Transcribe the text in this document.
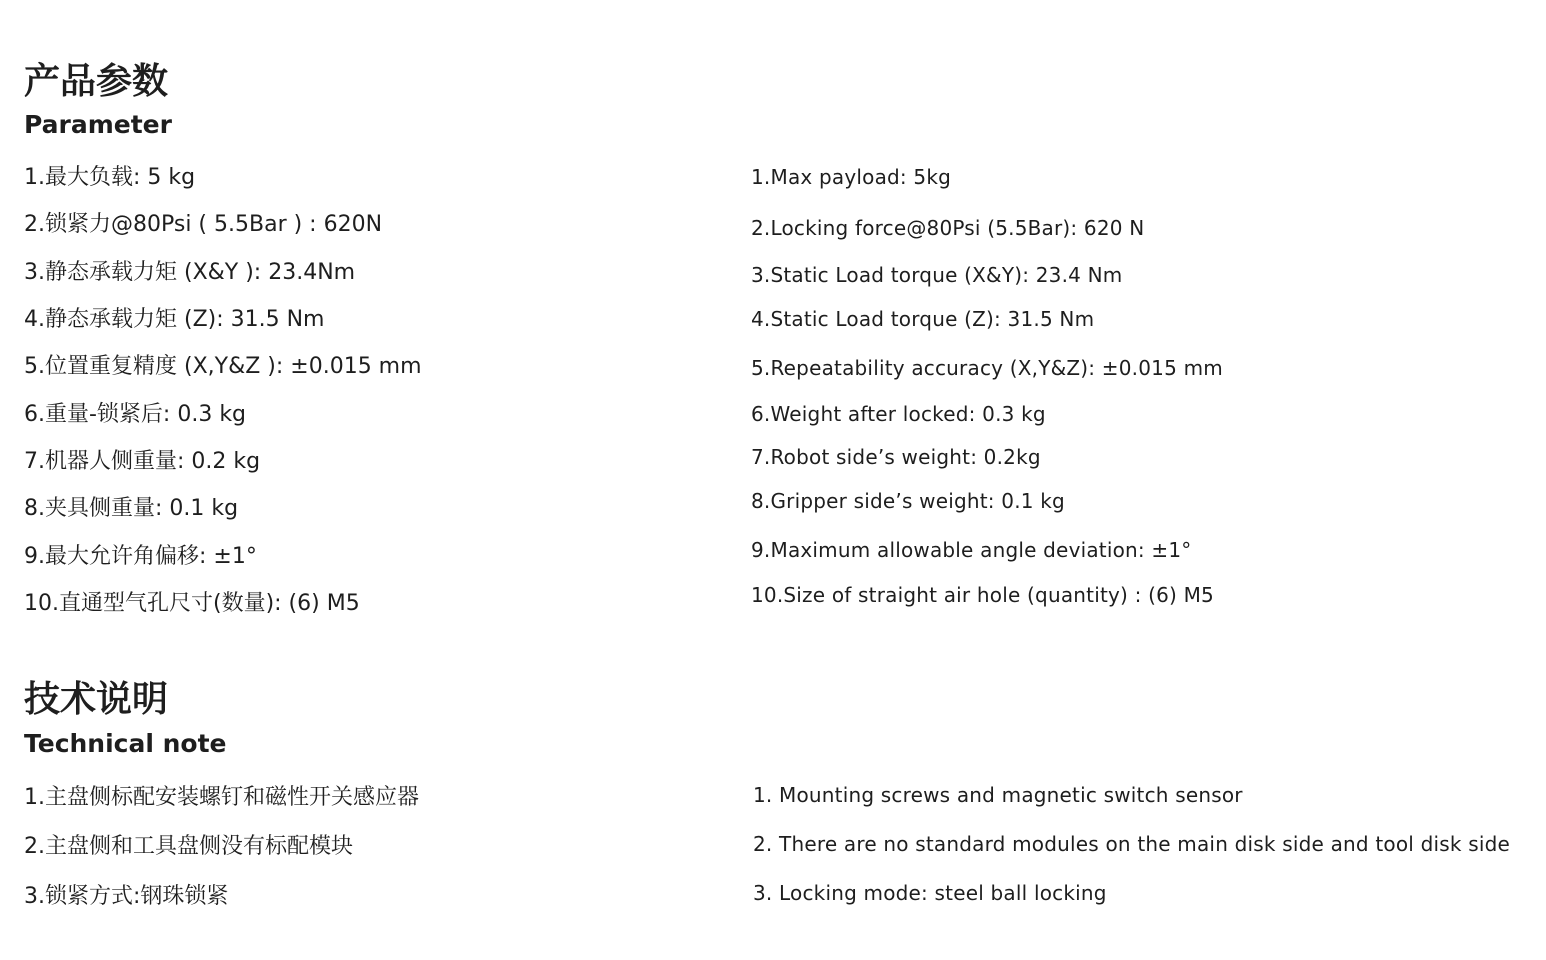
产品参数
Parameter
1.最大负载: 5 kg
2.锁紧力@80Psi ( 5.5Bar ) : 620N
3.静态承载力矩 (X&Y ): 23.4Nm
4.静态承载力矩 (Z): 31.5 Nm
5.位置重复精度 (X,Y&Z ): ±0.015 mm
6.重量-锁紧后: 0.3 kg
7.机器人侧重量: 0.2 kg
8.夹具侧重量: 0.1 kg
9.最大允许角偏移: ±1°
10.直通型气孔尺寸(数量): (6) M5
1.Max payload: 5kg
2.Locking force@80Psi (5.5Bar): 620 N
3.Static Load torque (X&Y): 23.4 Nm
4.Static Load torque (Z): 31.5 Nm
5.Repeatability accuracy (X,Y&Z): ±0.015 mm
6.Weight after locked: 0.3 kg
7.Robot side’s weight: 0.2kg
8.Gripper side’s weight: 0.1 kg
9.Maximum allowable angle deviation: ±1°
10.Size of straight air hole (quantity) : (6) M5
技术说明
Technical note
1.主盘侧标配安装螺钉和磁性开关感应器
2.主盘侧和工具盘侧没有标配模块
3.锁紧方式:钢珠锁紧
1. Mounting screws and magnetic switch sensor
2. There are no standard modules on the main disk side and tool disk side
3. Locking mode: steel ball locking
